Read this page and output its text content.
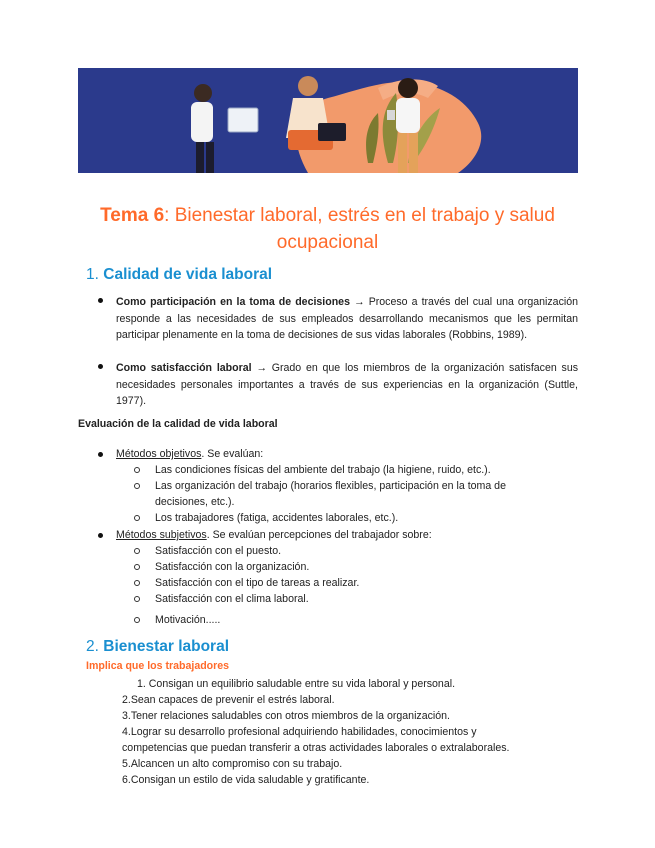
Tema 6: Bienestar laboral, estrés en el trabajo y salud ocupacional
1. Calidad de vida laboral
Como participación en la toma de decisiones → Proceso a través del cual una organización responde a las necesidades de sus empleados desarrollando mecanismos que les permitan participar plenamente en la toma de decisiones de sus vidas laborales (Robbins, 1989).
Como satisfacción laboral → Grado en que los miembros de la organización satisfacen sus necesidades personales importantes a través de sus experiencias en la organización (Suttle, 1977).
Evaluación de la calidad de vida laboral
Métodos objetivos. Se evalúan:
Las condiciones físicas del ambiente del trabajo (la higiene, ruido, etc.).
Las organización del trabajo (horarios flexibles, participación en la toma de
decisiones, etc.).
Los trabajadores (fatiga, accidentes laborales, etc.).
Métodos subjetivos. Se evalúan percepciones del trabajador sobre:
Satisfacción con el puesto.
Satisfacción con la organización.
Satisfacción con el tipo de tareas a realizar.
Satisfacción con el clima laboral.
Motivación.....
2. Bienestar laboral
Implica que los trabajadores
1. Consigan un equilibrio saludable entre su vida laboral y personal.
2.Sean capaces de prevenir el estrés laboral.
3.Tener relaciones saludables con otros miembros de la organización.
4.Lograr su desarrollo profesional adquiriendo habilidades, conocimientos y
competencias que puedan transferir a otras actividades laborales o extralaborales.
5.Alcancen un alto compromiso con su trabajo.
6.Consigan un estilo de vida saludable y gratificante.
